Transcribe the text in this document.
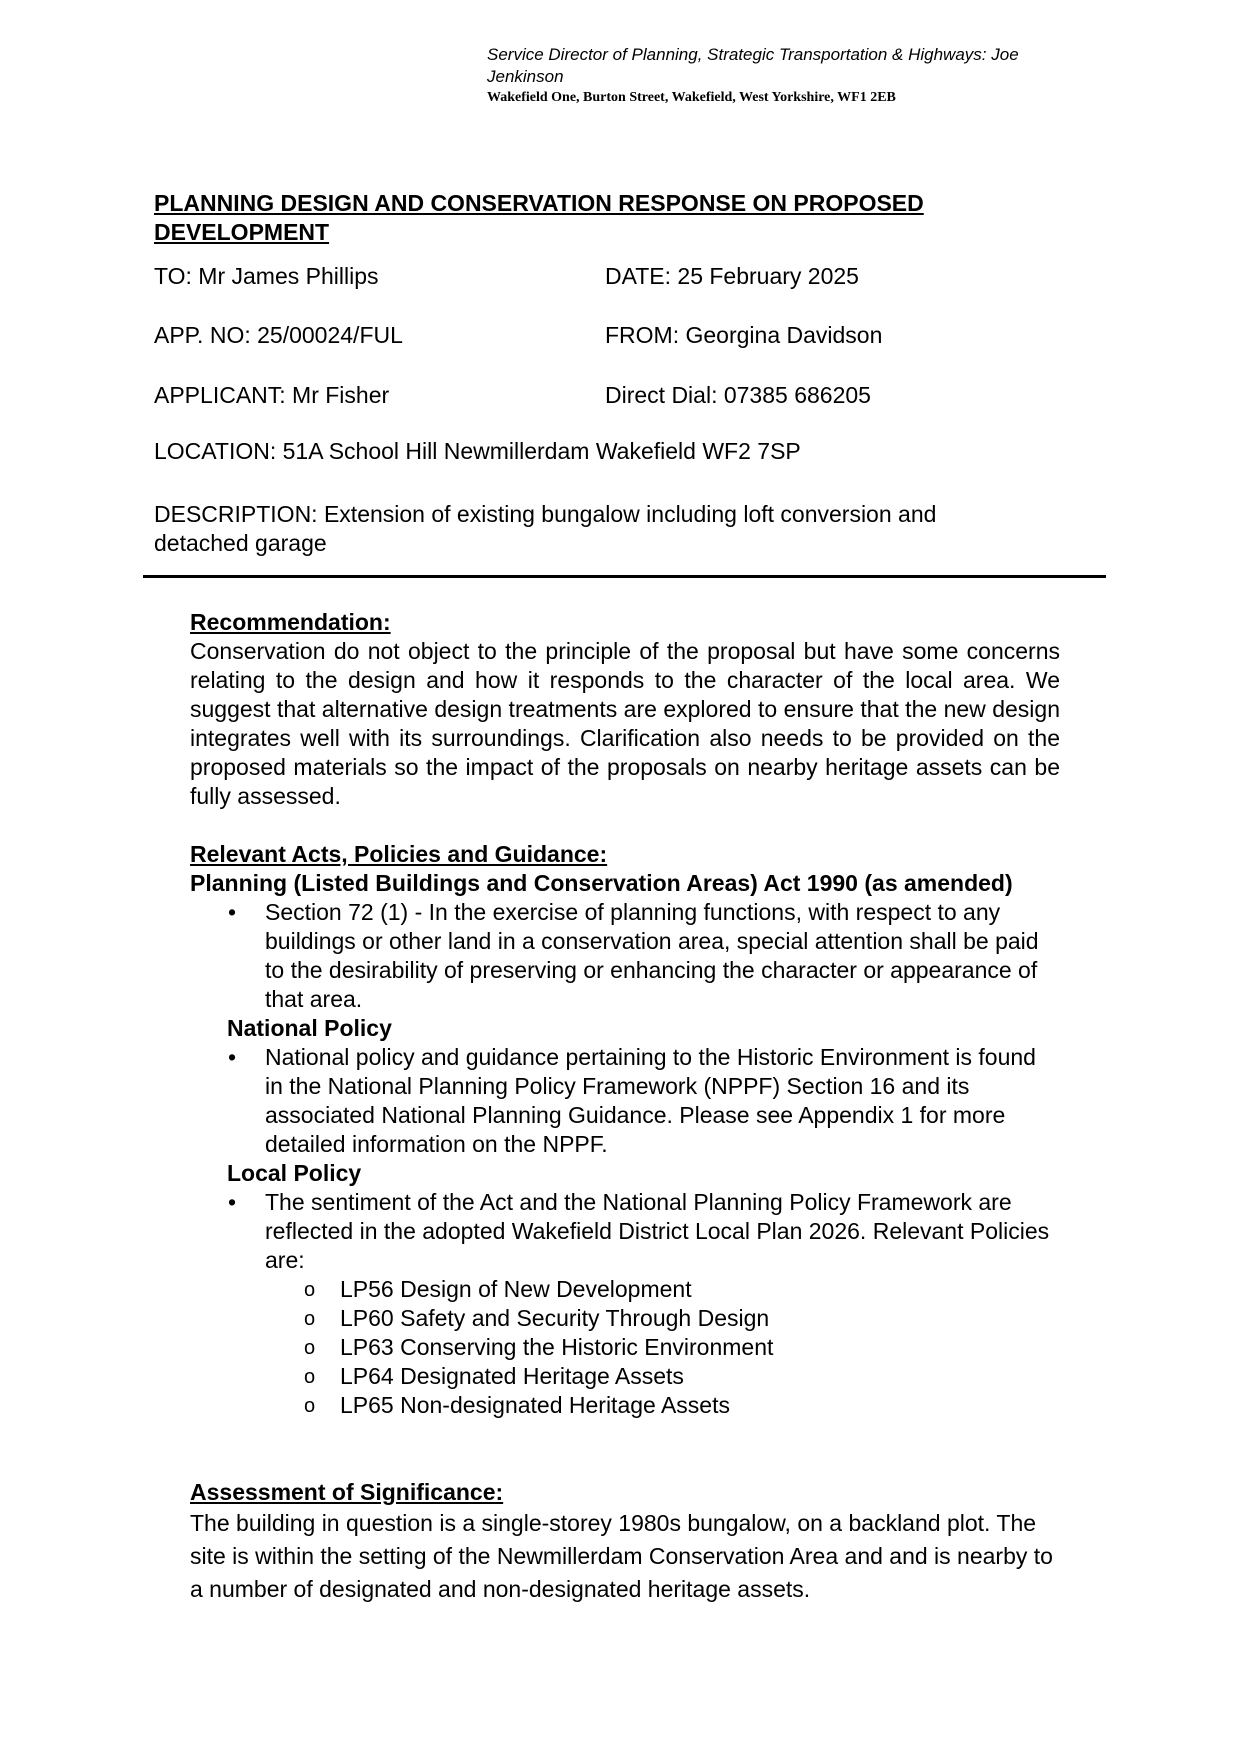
Service Director of Planning, Strategic Transportation & Highways: Joe
Jenkinson
Wakefield One, Burton Street, Wakefield, West Yorkshire, WF1 2EB
PLANNING DESIGN AND CONSERVATION RESPONSE ON PROPOSED DEVELOPMENT
TO: Mr James Phillips	DATE: 25 February 2025
APP. NO: 25/00024/FUL	FROM: Georgina Davidson
APPLICANT: Mr Fisher	Direct Dial: 07385 686205
LOCATION: 51A School Hill Newmillerdam Wakefield WF2 7SP
DESCRIPTION: Extension of existing bungalow including loft conversion and detached garage
Recommendation:
Conservation do not object to the principle of the proposal but have some concerns relating to the design and how it responds to the character of the local area. We suggest that alternative design treatments are explored to ensure that the new design integrates well with its surroundings. Clarification also needs to be provided on the proposed materials so the impact of the proposals on nearby heritage assets can be fully assessed.
Relevant Acts, Policies and Guidance:
Planning (Listed Buildings and Conservation Areas) Act 1990 (as amended)
• Section 72 (1) - In the exercise of planning functions, with respect to any buildings or other land in a conservation area, special attention shall be paid to the desirability of preserving or enhancing the character or appearance of that area.
National Policy
• National policy and guidance pertaining to the Historic Environment is found in the National Planning Policy Framework (NPPF) Section 16 and its associated National Planning Guidance. Please see Appendix 1 for more detailed information on the NPPF.
Local Policy
• The sentiment of the Act and the National Planning Policy Framework are reflected in the adopted Wakefield District Local Plan 2026. Relevant Policies are:
o LP56 Design of New Development
o LP60 Safety and Security Through Design
o LP63 Conserving the Historic Environment
o LP64 Designated Heritage Assets
o LP65 Non-designated Heritage Assets
Assessment of Significance:
The building in question is a single-storey 1980s bungalow, on a backland plot. The site is within the setting of the Newmillerdam Conservation Area and and is nearby to a number of designated and non-designated heritage assets.
